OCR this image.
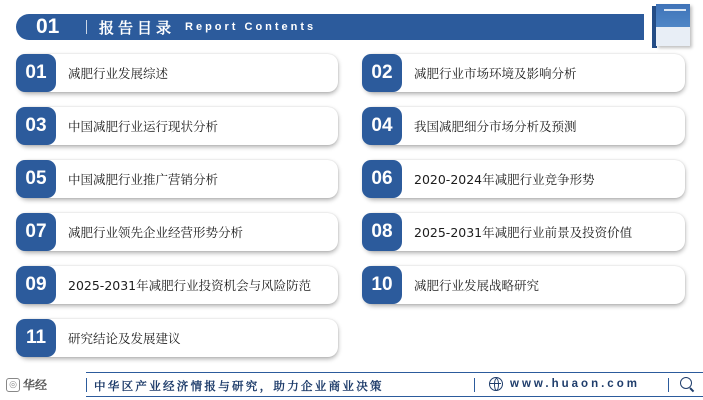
01	报告目录 Report Contents
01	减肥行业发展综述	02	减肥行业市场环境及影响分析
03	中国减肥行业运行现状分析	04	我国减肥细分市场分析及预测
05	中国减肥行业推广营销分析	06	2020-2024年减肥行业竞争形势
07	减肥行业领先企业经营形势分析	08	2025-2031年减肥行业前景及投资价值
09	2025-2031年减肥行业投资机会与风险防范	10	减肥行业发展战略研究
11	研究结论及发展建议
◎ 华经	中华区产业经济情报与研究，助力企业商业决策	www.huaon.com
